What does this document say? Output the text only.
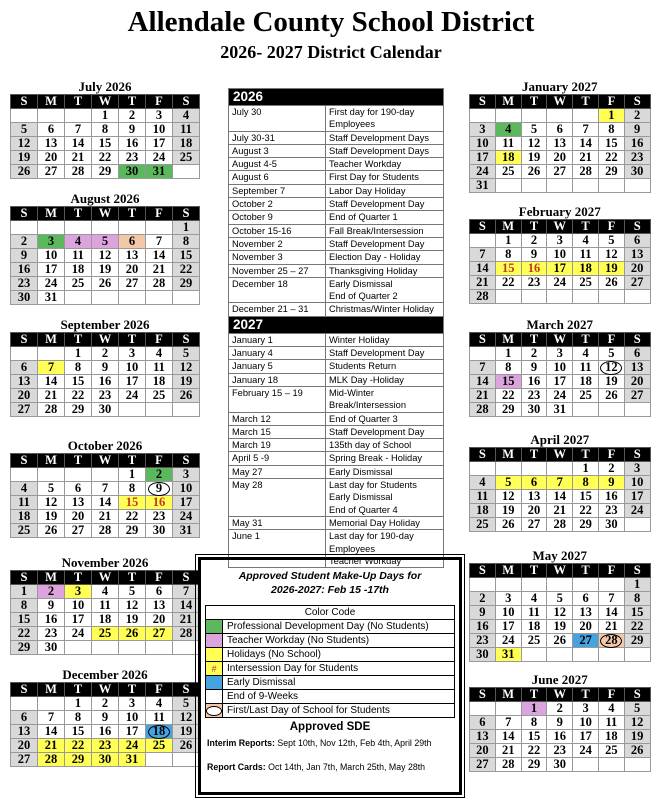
Allendale County School District
2026- 2027 District Calendar
July 2026
S	M	T	W	T	F	S
			1	2	3	4
5	6	7	8	9	10	11
12	13	14	15	16	17	18
19	20	21	22	23	24	25
26	27	28	29	30	31	
August 2026
S	M	T	W	T	F	S
						1
2	3	4	5	6	7	8
9	10	11	12	13	14	15
16	17	18	19	20	21	22
23	24	25	26	27	28	29
30	31					
September 2026
S	M	T	W	T	F	S
		1	2	3	4	5
6	7	8	9	10	11	12
13	14	15	16	17	18	19
20	21	22	23	24	25	26
27	28	29	30			
October 2026
S	M	T	W	T	F	S
				1	2	3
4	5	6	7	8	9	10
11	12	13	14	15	16	17
18	19	20	21	22	23	24
25	26	27	28	29	30	31
November 2026
S	M	T	W	T	F	S
1	2	3	4	5	6	7
8	9	10	11	12	13	14
15	16	17	18	19	20	21
22	23	24	25	26	27	28
29	30					
December 2026
S	M	T	W	T	F	S
		1	2	3	4	5
6	7	8	9	10	11	12
13	14	15	16	17	18	19
20	21	22	23	24	25	26
27	28	29	30	31		
January 2027
S	M	T	W	T	F	S
					1	2
3	4	5	6	7	8	9
10	11	12	13	14	15	16
17	18	19	20	21	22	23
24	25	26	27	28	29	30
31						
February 2027
S	M	T	W	T	F	S
	1	2	3	4	5	6
7	8	9	10	11	12	13
14	15	16	17	18	19	20
21	22	23	24	25	26	27
28						
March 2027
S	M	T	W	T	F	S
	1	2	3	4	5	6
7	8	9	10	11	12	13
14	15	16	17	18	19	20
21	22	23	24	25	26	27
28	29	30	31			
April 2027
S	M	T	W	T	F	S
				1	2	3
4	5	6	7	8	9	10
11	12	13	14	15	16	17
18	19	20	21	22	23	24
25	26	27	28	29	30	
May 2027
S	M	T	W	T	F	S
						1
2	3	4	5	6	7	8
9	10	11	12	13	14	15
16	17	18	19	20	21	22
23	24	25	26	27	28	29
30	31					
June 2027
S	M	T	W	T	F	S
		1	2	3	4	5
6	7	8	9	10	11	12
13	14	15	16	17	18	19
20	21	22	23	24	25	26
27	28	29	30			
2026	
July 30	First day for 190-day Employees
July 30-31	Staff Development Days
August 3	Staff Development Days
August 4-5	Teacher Workday
August 6	First Day for Students
September 7	Labor Day Holiday
October 2	Staff Development Day
October 9	End of Quarter 1
October 15-16	Fall Break/Intersession
November 2	Staff Development Day
November 3	Election Day - Holiday
November 25 – 27	Thanksgiving Holiday
December 18	Early Dismissal
End of Quarter 2
December 21 – 31	Christmas/Winter Holiday
2027	
January 1	Winter Holiday
January 4	Staff Development Day
January 5	Students Return
January 18	MLK Day -Holiday
February 15 – 19	Mid-Winter Break/Intersession
March 12	End of Quarter 3
March 15	Staff Development Day
March 19	135th day of School
April 5 -9	Spring Break - Holiday
May 27	Early Dismissal
May 28	Last day for Students
Early Dismissal
End of Quarter 4
May 31	Memorial Day Holiday
June 1	Last day for 190-day Employees
Teacher Workday
Approved Student Make-Up Days for
2026-2027: Feb 15 -17th
Color Code	
	Professional Development Day (No Students)
	Teacher Workday (No Students)
	Holidays (No School)
#	Intersession Day for Students
	Early Dismissal
	End of 9-Weeks
	First/Last Day of School for Students
Approved SDE
Interim Reports: Sept 10th, Nov 12th, Feb 4th, April 29th
Report Cards: Oct 14th, Jan 7th, March 25th, May 28th
